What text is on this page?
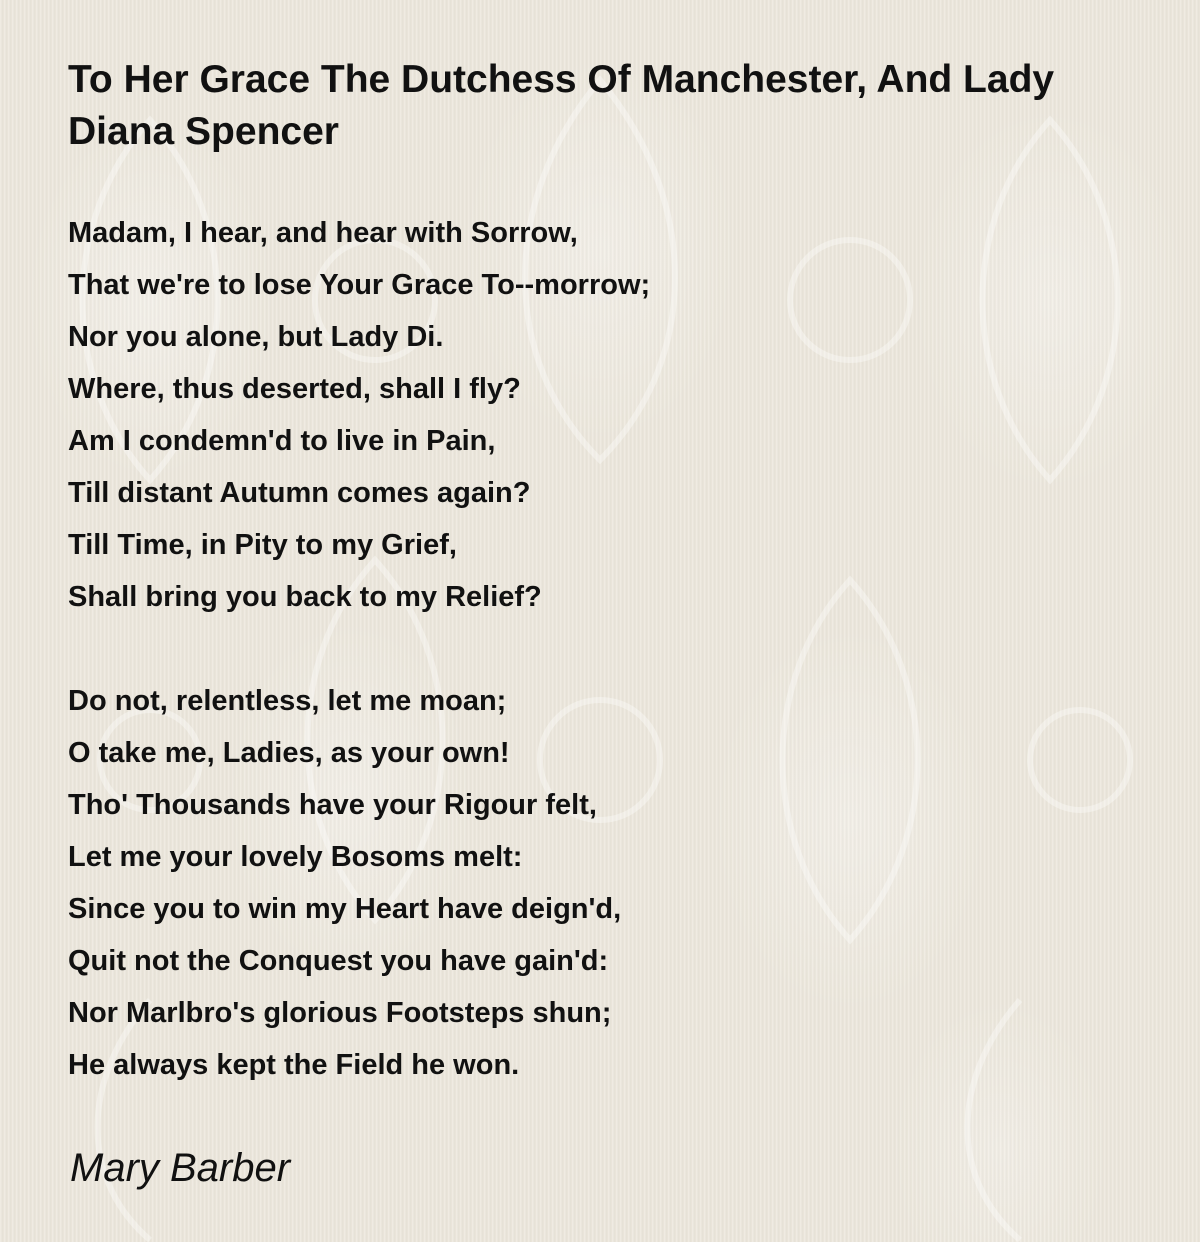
To Her Grace The Dutchess Of Manchester, And Lady Diana Spencer
Madam, I hear, and hear with Sorrow,
That we're to lose Your Grace To--morrow;
Nor you alone, but Lady Di.
Where, thus deserted, shall I fly?
Am I condemn'd to live in Pain,
Till distant Autumn comes again?
Till Time, in Pity to my Grief,
Shall bring you back to my Relief?
Do not, relentless, let me moan;
O take me, Ladies, as your own!
Tho' Thousands have your Rigour felt,
Let me your lovely Bosoms melt:
Since you to win my Heart have deign'd,
Quit not the Conquest you have gain'd:
Nor Marlbro's glorious Footsteps shun;
He always kept the Field he won.
Mary Barber
